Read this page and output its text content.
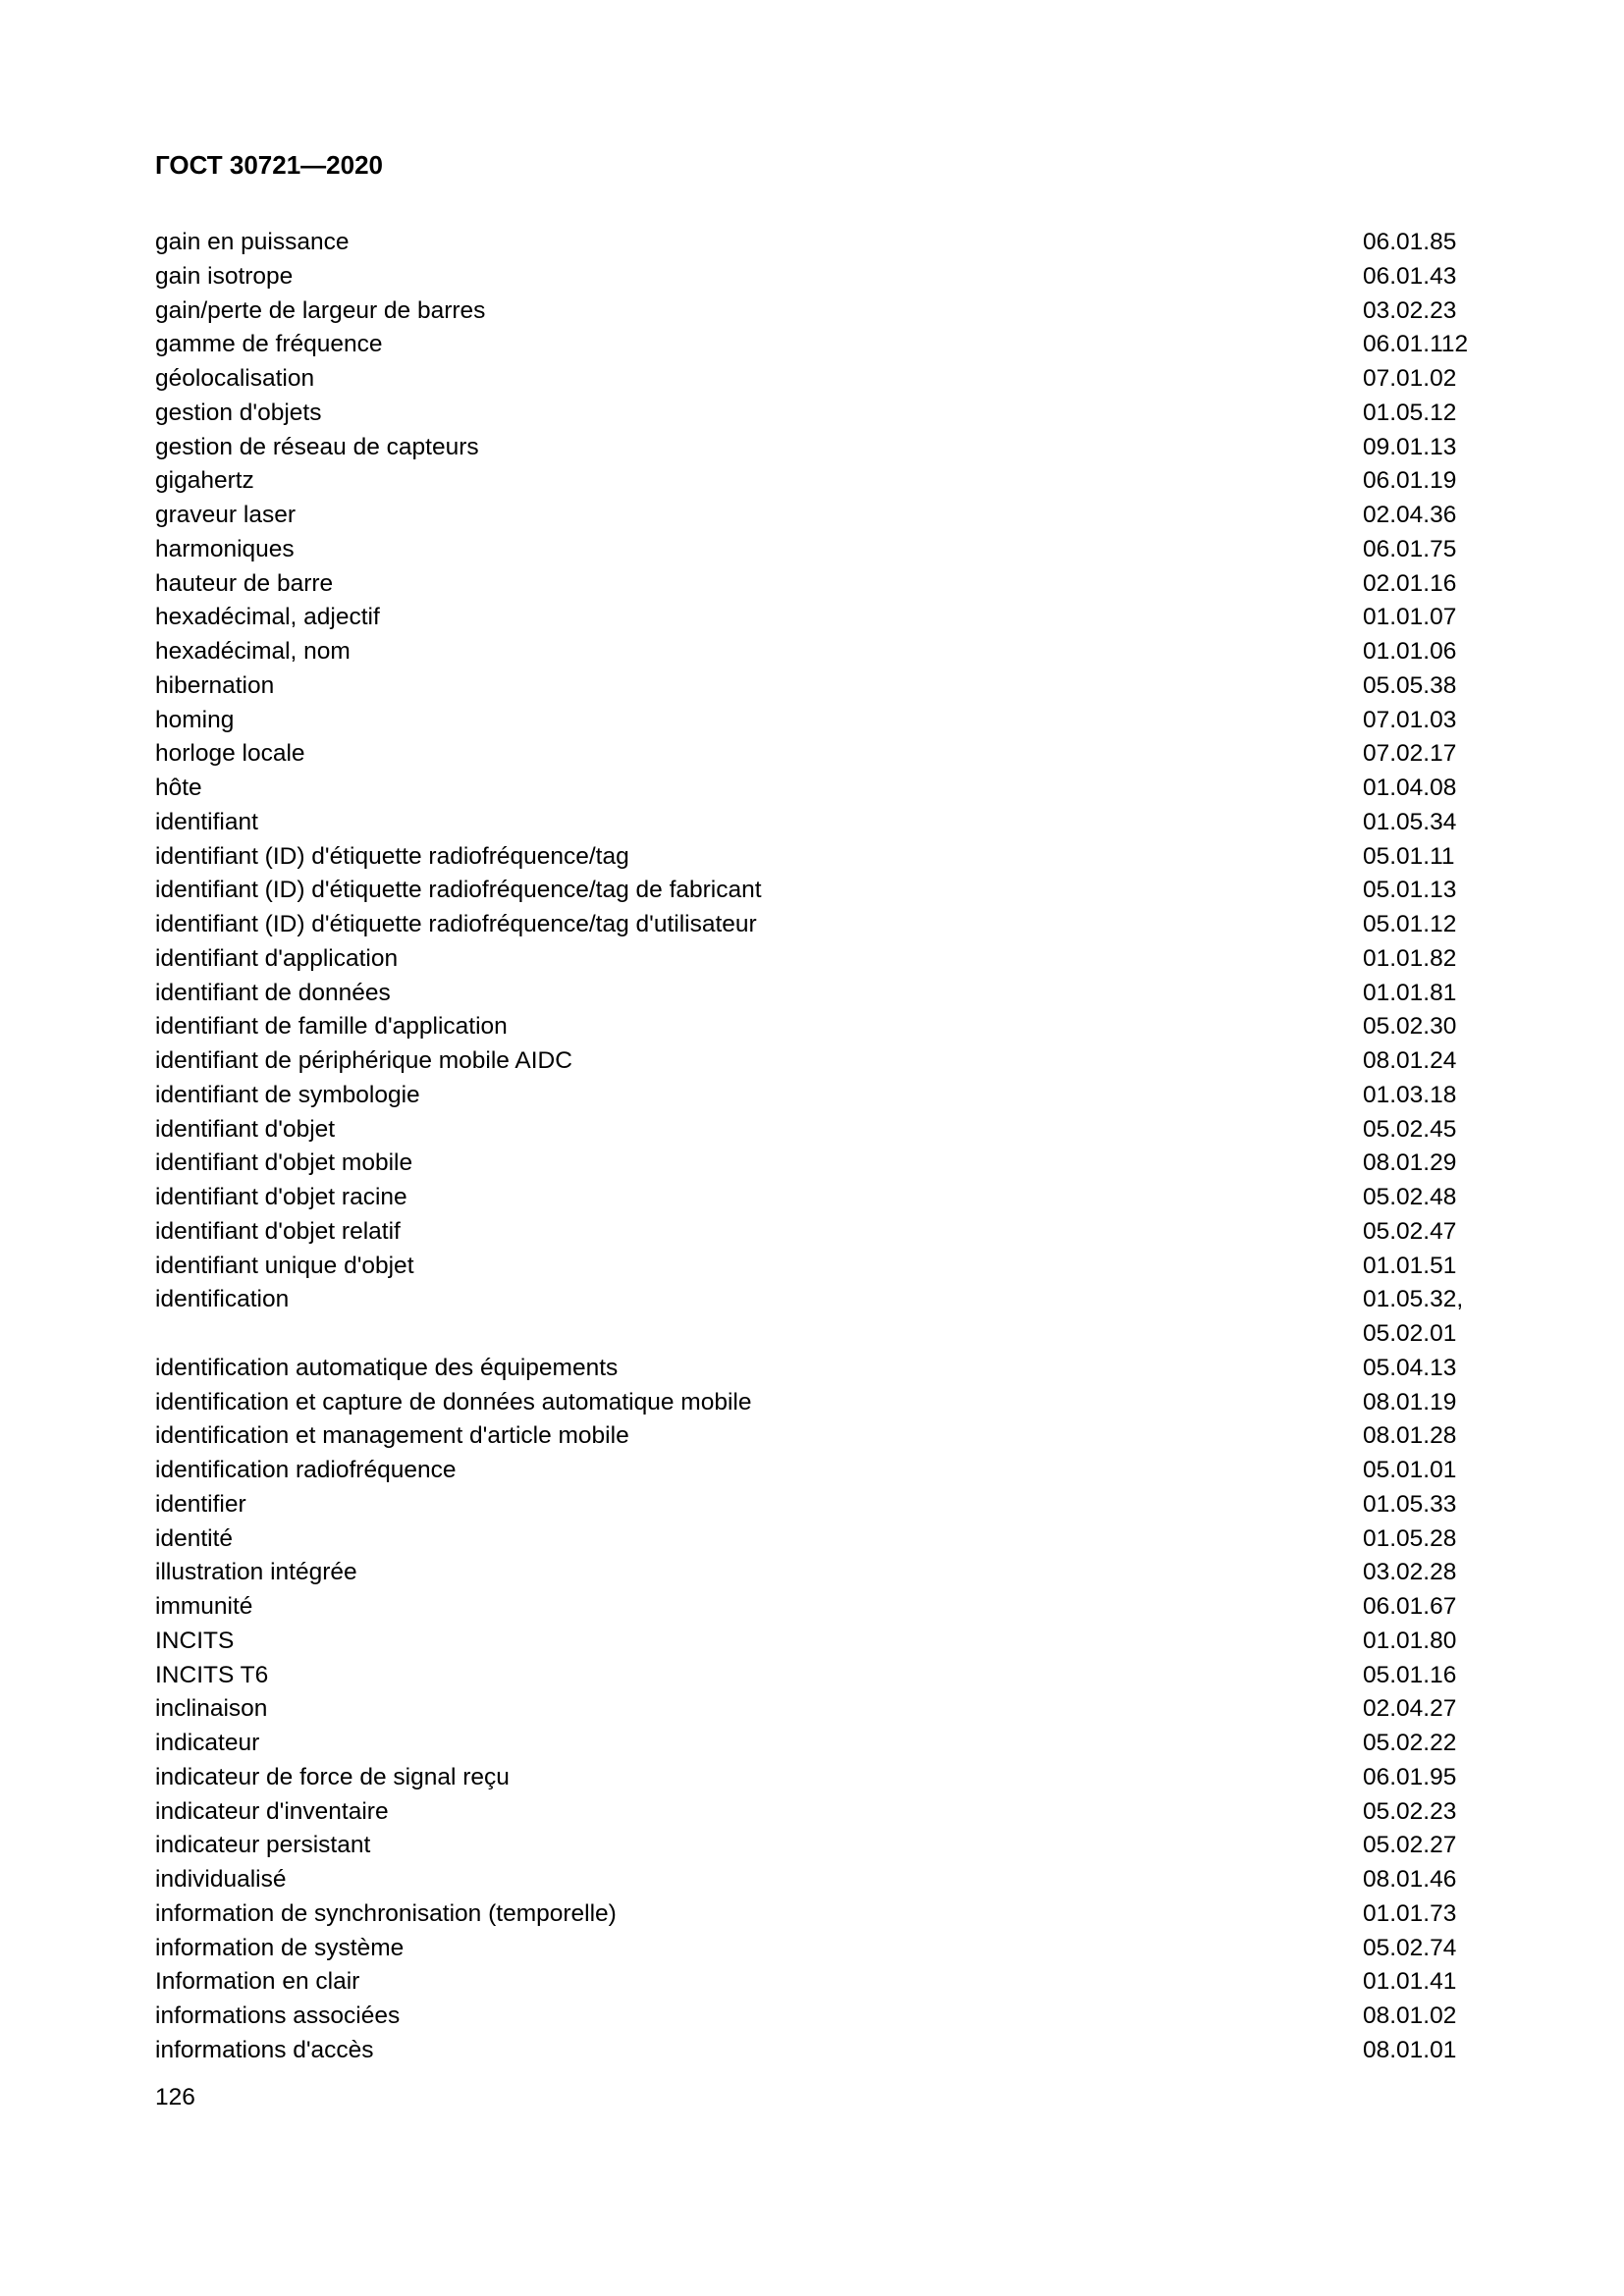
ГОСТ 30721—2020
gain en puissance	06.01.85
gain isotrope	06.01.43
gain/perte de largeur de barres	03.02.23
gamme de fréquence	06.01.112
géolocalisation	07.01.02
gestion d'objets	01.05.12
gestion de réseau de capteurs	09.01.13
gigahertz	06.01.19
graveur laser	02.04.36
harmoniques	06.01.75
hauteur de barre	02.01.16
hexadécimal, adjectif	01.01.07
hexadécimal, nom	01.01.06
hibernation	05.05.38
homing	07.01.03
horloge locale	07.02.17
hôte	01.04.08
identifiant	01.05.34
identifiant (ID) d'étiquette radiofréquence/tag	05.01.11
identifiant (ID) d'étiquette radiofréquence/tag de fabricant	05.01.13
identifiant (ID) d'étiquette radiofréquence/tag d'utilisateur	05.01.12
identifiant d'application	01.01.82
identifiant de données	01.01.81
identifiant de famille d'application	05.02.30
identifiant de périphérique mobile AIDC	08.01.24
identifiant de symbologie	01.03.18
identifiant d'objet	05.02.45
identifiant d'objet mobile	08.01.29
identifiant d'objet racine	05.02.48
identifiant d'objet relatif	05.02.47
identifiant unique d'objet	01.01.51
identification	01.05.32,
05.02.01
identification automatique des équipements	05.04.13
identification et capture de données automatique mobile	08.01.19
identification et management d'article mobile	08.01.28
identification radiofréquence	05.01.01
identifier	01.05.33
identité	01.05.28
illustration intégrée	03.02.28
immunité	06.01.67
INCITS	01.01.80
INCITS T6	05.01.16
inclinaison	02.04.27
indicateur	05.02.22
indicateur de force de signal reçu	06.01.95
indicateur d'inventaire	05.02.23
indicateur persistant	05.02.27
individualisé	08.01.46
information de synchronisation (temporelle)	01.01.73
information de système	05.02.74
Information en clair	01.01.41
informations associées	08.01.02
informations d'accès	08.01.01
126
